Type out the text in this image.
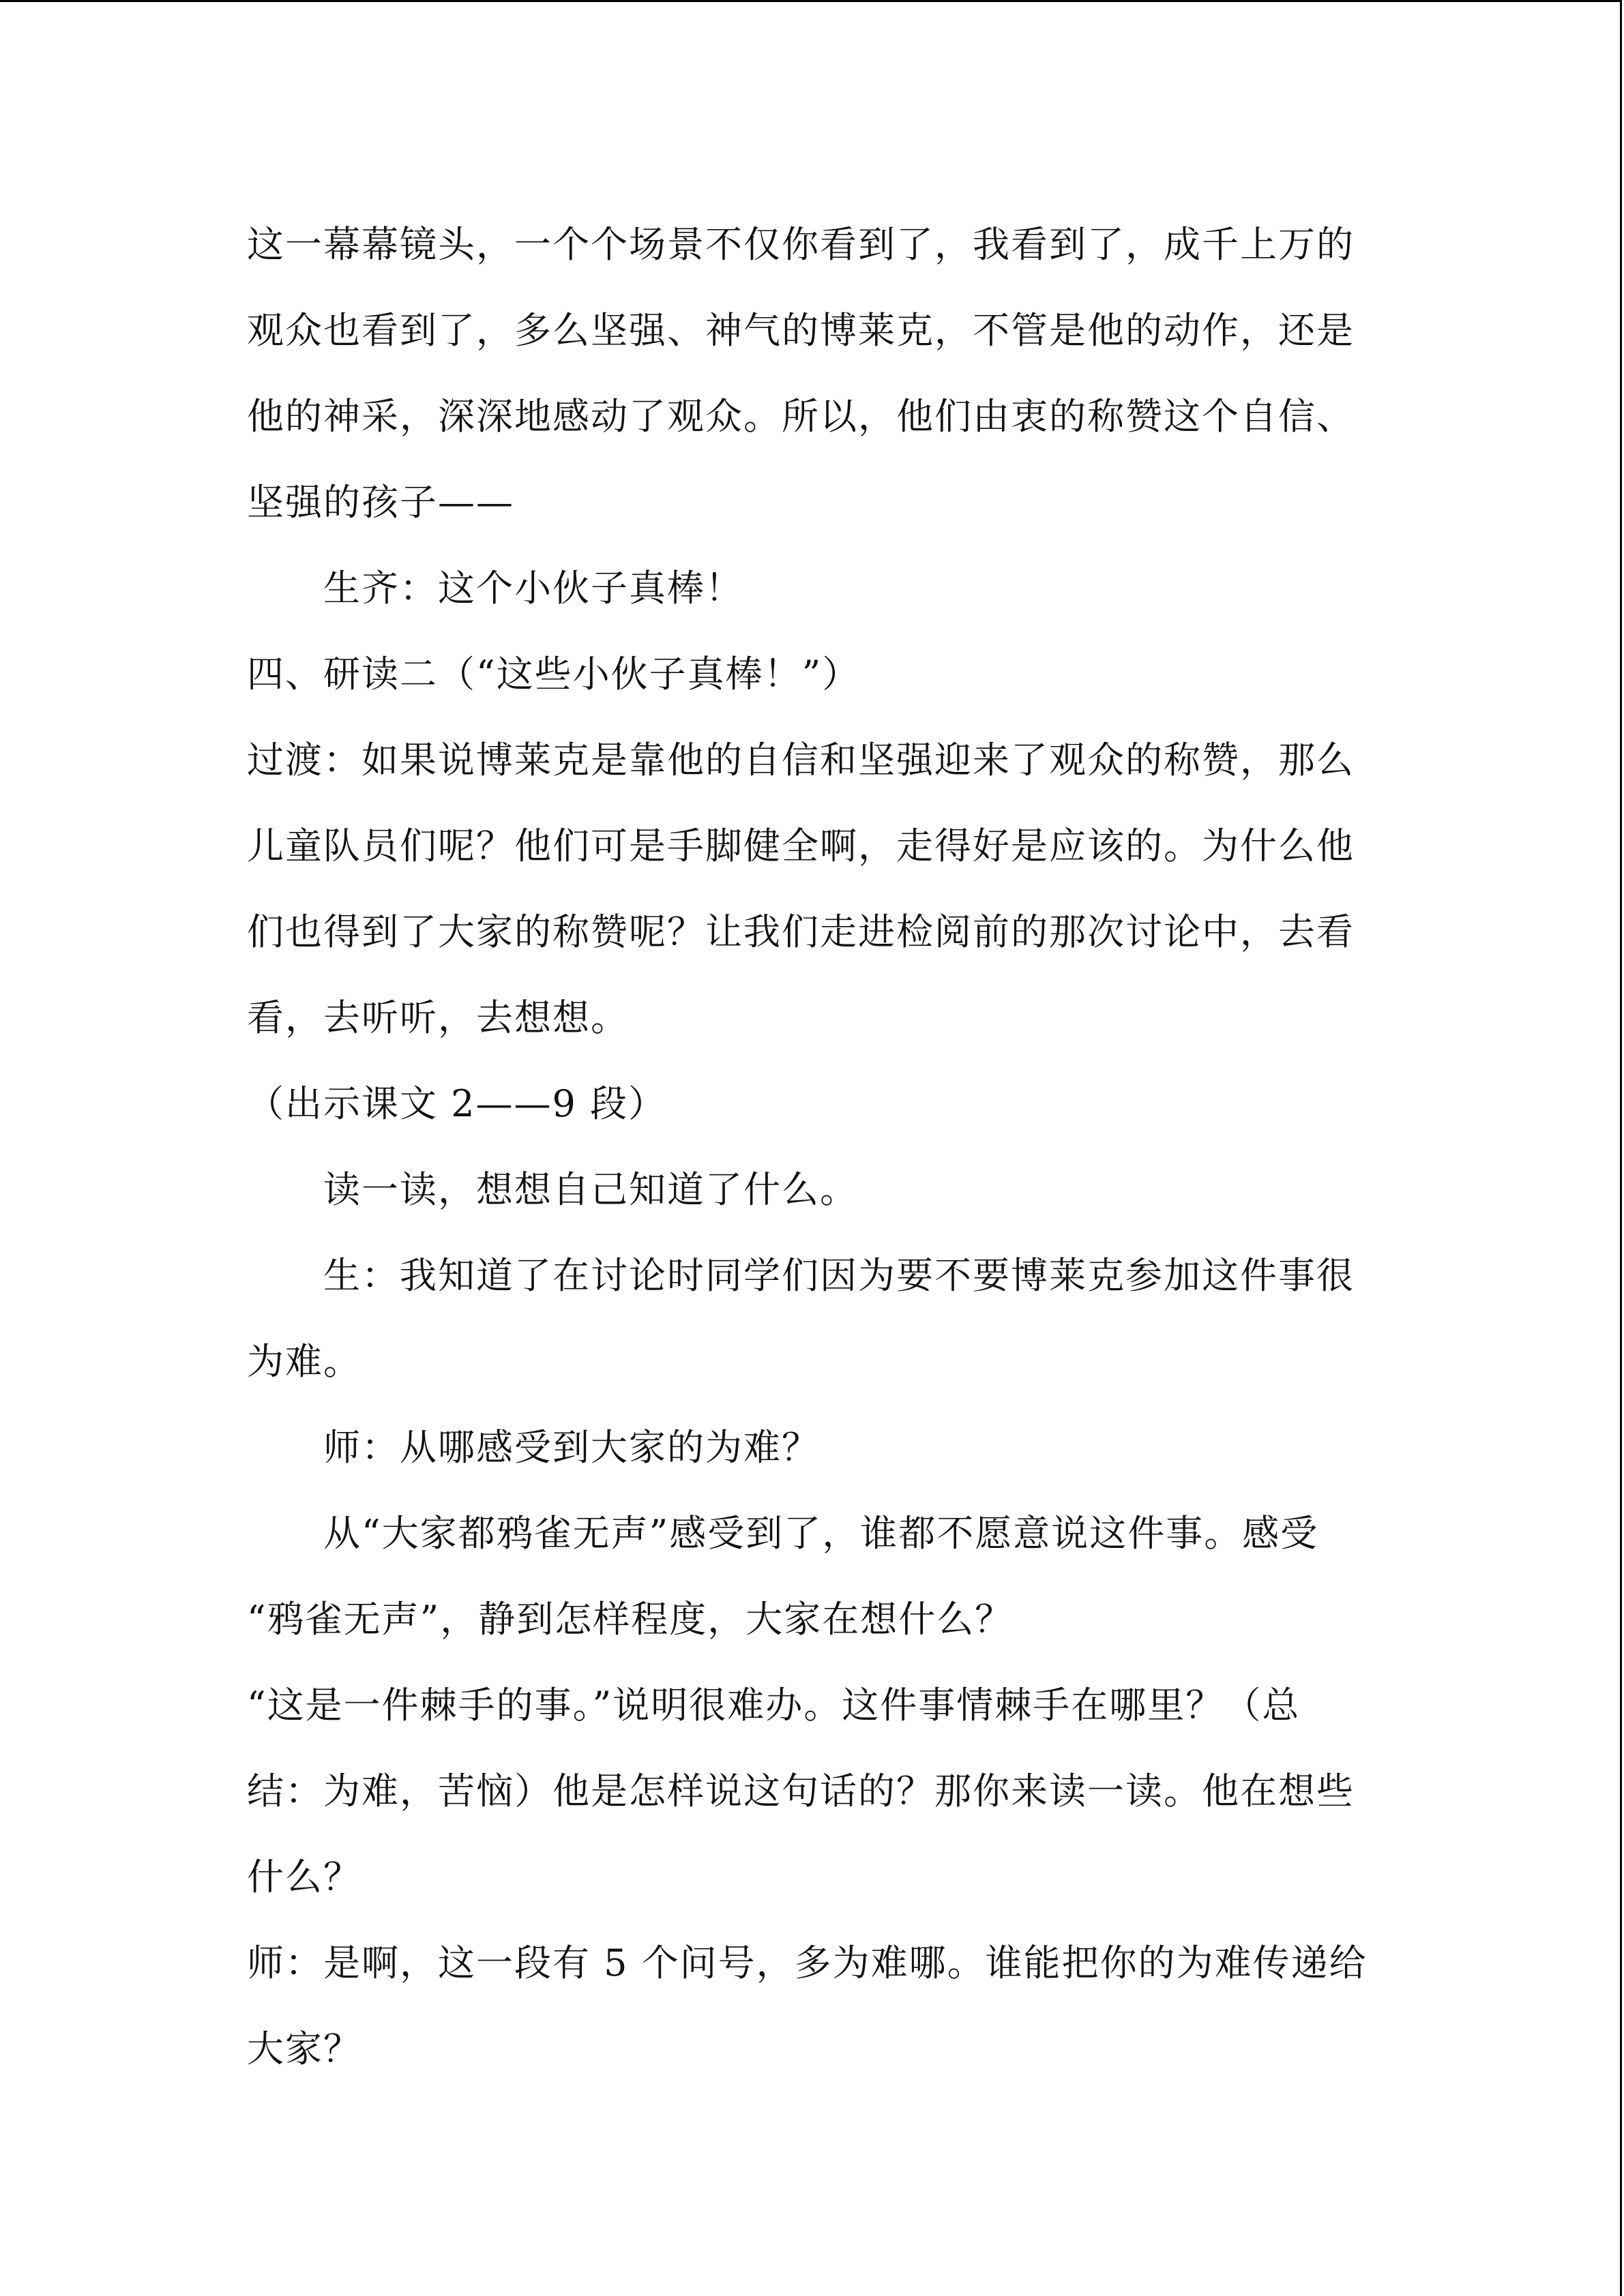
这一幕幕镜头，一个个场景不仅你看到了，我看到了，成千上万的
观众也看到了，多么坚强、神气的博莱克，不管是他的动作，还是
他的神采，深深地感动了观众。所以，他们由衷的称赞这个自信、
坚强的孩子——
生齐：这个小伙子真棒！
四、研读二（“这些小伙子真棒！”）
过渡：如果说博莱克是靠他的自信和坚强迎来了观众的称赞，那么
儿童队员们呢？他们可是手脚健全啊，走得好是应该的。为什么他
们也得到了大家的称赞呢？让我们走进检阅前的那次讨论中，去看
看，去听听，去想想。
（出示课文 2——9 段）
读一读，想想自己知道了什么。
生：我知道了在讨论时同学们因为要不要博莱克参加这件事很
为难。
师：从哪感受到大家的为难？
从“大家都鸦雀无声”感受到了，谁都不愿意说这件事。感受
“鸦雀无声”，静到怎样程度，大家在想什么？
“这是一件棘手的事。”说明很难办。这件事情棘手在哪里？（总
结：为难，苦恼）他是怎样说这句话的？那你来读一读。他在想些
什么？
师：是啊，这一段有 5 个问号，多为难哪。谁能把你的为难传递给
大家？
